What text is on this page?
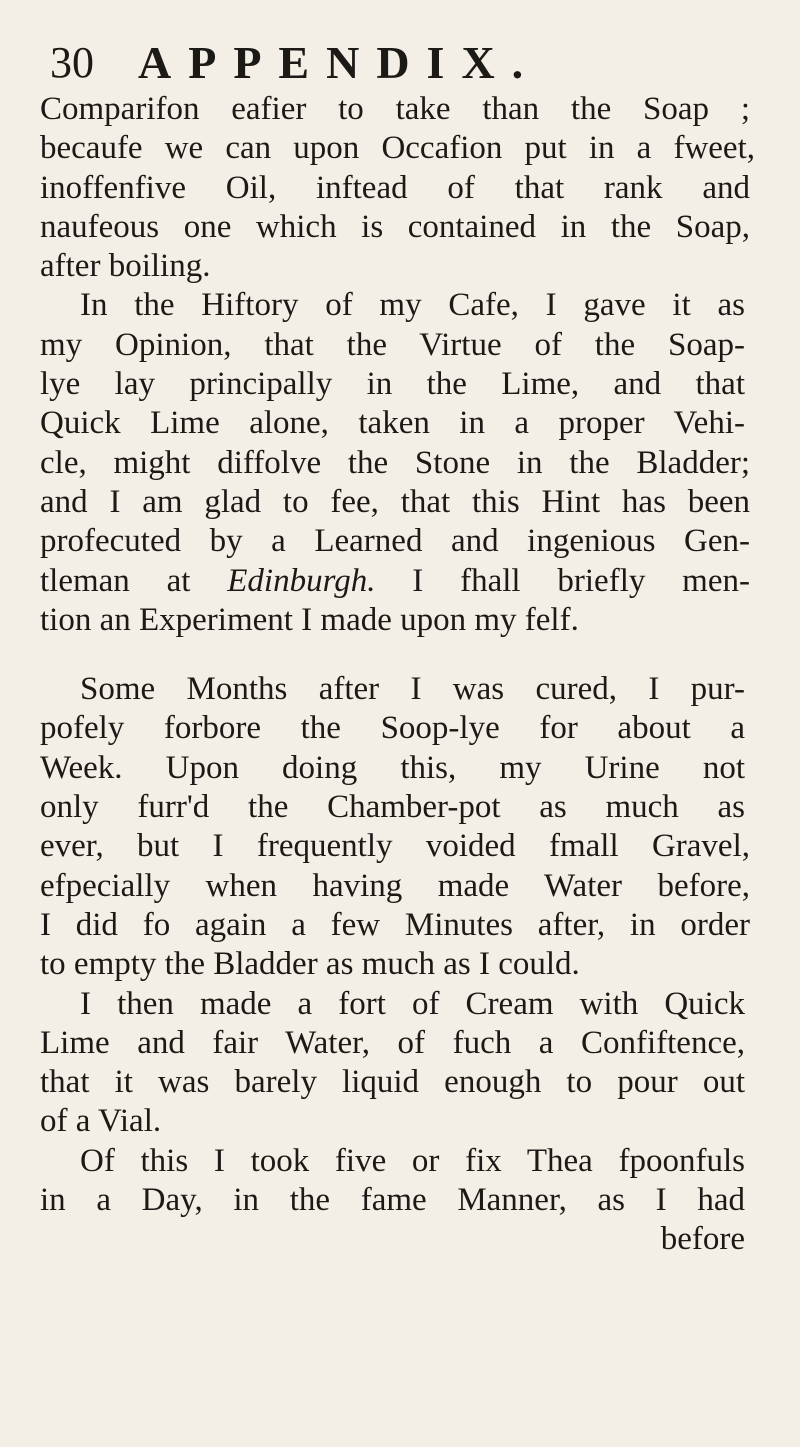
30 APPENDIX.
Comparifon eafier to take than the Soap ;
becaufe we can upon Occafion put in a fweet,
inoffenfive Oil, inftead of that rank and
naufeous one which is contained in the Soap,
after boiling.
In the Hiftory of my Cafe, I gave it as
my Opinion, that the Virtue of the Soap-
lye lay principally in the Lime, and that
Quick Lime alone, taken in a proper Vehi-
cle, might diffolve the Stone in the Bladder;
and I am glad to fee, that this Hint has been
profecuted by a Learned and ingenious Gen-
tleman at Edinburgh. I fhall briefly men-
tion an Experiment I made upon my felf.
Some Months after I was cured, I pur-
pofely forbore the Soop-lye for about a
Week. Upon doing this, my Urine not
only furr'd the Chamber-pot as much as
ever, but I frequently voided fmall Gravel,
efpecially when having made Water before,
I did fo again a few Minutes after, in order
to empty the Bladder as much as I could.
I then made a fort of Cream with Quick
Lime and fair Water, of fuch a Confiftence,
that it was barely liquid enough to pour out
of a Vial.
Of this I took five or fix Thea fpoonfuls
in a Day, in the fame Manner, as I had
before
